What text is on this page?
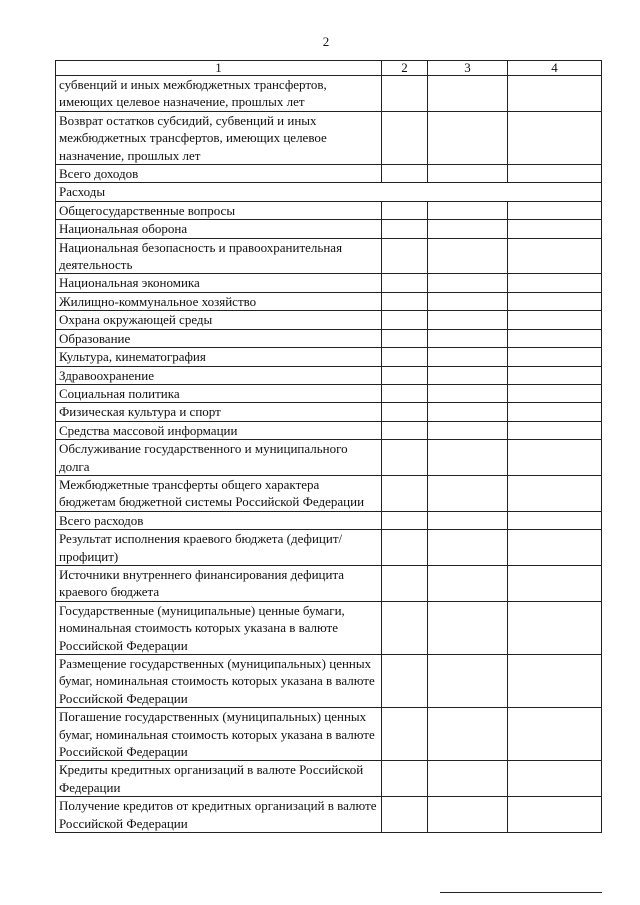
2
1	2	3	4
субвенций и иных межбюджетных трансфертов, имеющих целевое назначение, прошлых лет			
Возврат остатков субсидий, субвенций и иных межбюджетных трансфертов, имеющих целевое назначение, прошлых лет			
Всего доходов			
Расходы			
Общегосударственные вопросы			
Национальная оборона			
Национальная безопасность и правоохранительная деятельность			
Национальная экономика			
Жилищно-коммунальное хозяйство			
Охрана окружающей среды			
Образование			
Культура, кинематография			
Здравоохранение			
Социальная политика			
Физическая культура и спорт			
Средства массовой информации			
Обслуживание государственного и муниципального долга			
Межбюджетные трансферты общего характера бюджетам бюджетной системы Российской Федерации			
Всего расходов			
Результат исполнения краевого бюджета (дефицит/профицит)			
Источники внутреннего финансирования дефицита краевого бюджета			
Государственные (муниципальные) ценные бумаги, номинальная стоимость которых указана в валюте Российской Федерации			
Размещение государственных (муниципальных) ценных бумаг, номинальная стоимость которых указана в валюте Российской Федерации			
Погашение государственных (муниципальных) ценных бумаг, номинальная стоимость которых указана в валюте Российской Федерации			
Кредиты кредитных организаций в валюте Российской Федерации			
Получение кредитов от кредитных организаций в валюте Российской Федерации			
